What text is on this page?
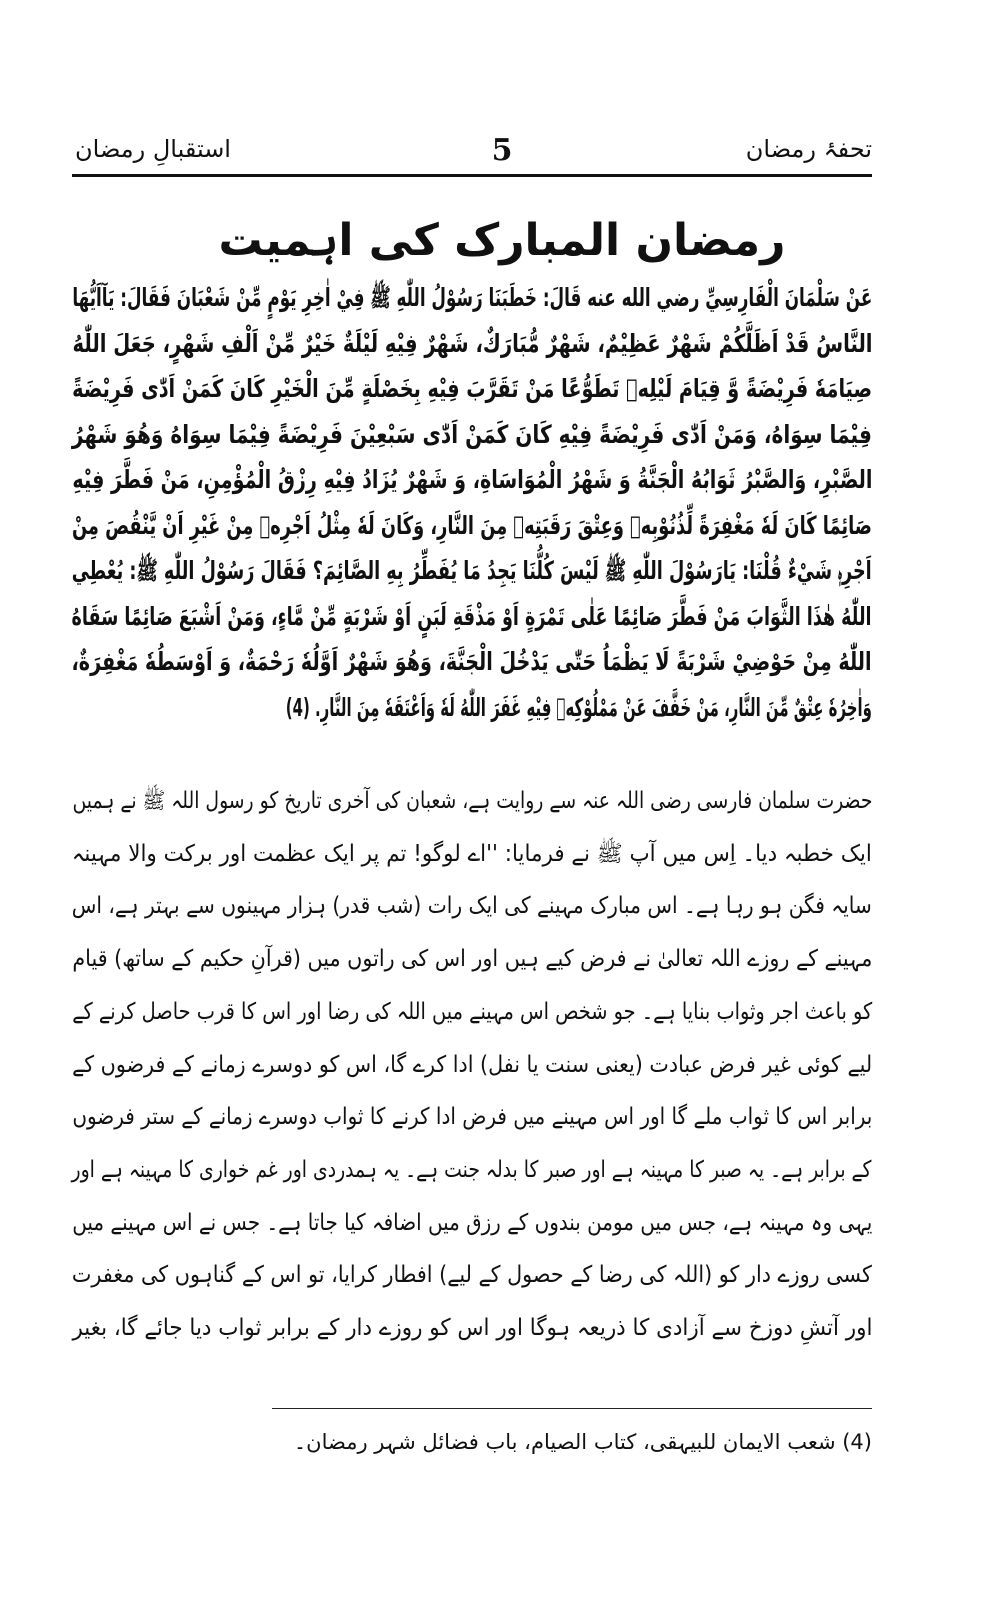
تحفۂ رمضان
5
استقبالِ رمضان
رمضان المبارک کی اہمیت
عَنْ سَلْمَانَ الْفَارِسِيِّ رضي الله عنه قَالَ: خَطَبَنَا رَسُوْلُ اللّٰهِ ﷺ فِيْ اٰخِرِ يَوْمٍ مِّنْ شَعْبَانَ فَقَالَ: يَآاَيُّهَا
النَّاسُ قَدْ اَظَلَّكُمْ شَهْرٌ عَظِيْمٌ، شَهْرٌ مُّبَارَكٌ، شَهْرٌ فِيْهِ لَيْلَةٌ خَيْرٌ مِّنْ اَلْفِ شَهْرٍ، جَعَلَ اللّٰهُ
صِيَامَهٗ فَرِيْضَةً وَّ قِيَامَ لَيْلِهٖ تَطَوُّعًا مَنْ تَقَرَّبَ فِيْهِ بِخَصْلَةٍ مِّنَ الْخَيْرِ كَانَ كَمَنْ اَدّٰى فَرِيْضَةً
فِيْمَا سِوَاهُ، وَمَنْ اَدّٰى فَرِيْضَةً فِيْهِ كَانَ كَمَنْ اَدّٰى سَبْعِيْنَ فَرِيْضَةً فِيْمَا سِوَاهُ وَهُوَ شَهْرُ
الصَّبْرِ، وَالصَّبْرُ ثَوَابُهُ الْجَنَّةُ وَ شَهْرُ الْمُوَاسَاةِ، وَ شَهْرٌ يُزَادُ فِيْهِ رِزْقُ الْمُؤْمِنِ، مَنْ فَطَّرَ فِيْهِ
صَائِمًا كَانَ لَهٗ مَغْفِرَةً لِّذُنُوْبِهٖ وَعِتْقَ رَقَبَتِهٖ مِنَ النَّارِ، وَكَانَ لَهٗ مِثْلُ اَجْرِهٖ مِنْ غَيْرِ اَنْ يَّنْقُصَ مِنْ
اَجْرِهٖ شَيْءٌ قُلْنَا: يَارَسُوْلَ اللّٰهِ ﷺ لَيْسَ كُلُّنَا يَجِدُ مَا يُفَطِّرُ بِهِ الصَّائِمَ؟ فَقَالَ رَسُوْلُ اللّٰهِ ﷺ: يُعْطِي
اللّٰهُ هٰذَا الثَّوَابَ مَنْ فَطَّرَ صَائِمًا عَلٰى تَمْرَةٍ اَوْ مَذْقَةِ لَبَنٍ اَوْ شَرْبَةٍ مِّنْ مَّاءٍ، وَمَنْ اَشْبَعَ صَائِمًا سَقَاهُ
اللّٰهُ مِنْ حَوْضِيْ شَرْبَةً لَا يَظْمَاُ حَتّٰى يَدْخُلَ الْجَنَّةَ، وَهُوَ شَهْرٌ اَوَّلُهٗ رَحْمَةٌ، وَ اَوْسَطُهٗ مَغْفِرَةٌ،
وَاٰخِرُهٗ عِتْقٌ مِّنَ النَّارِ، مَنْ خَفَّفَ عَنْ مَمْلُوْكِهٖ فِيْهِ غَفَرَ اللّٰهُ لَهٗ وَاَعْتَقَهٗ مِنَ النَّارِ. (4)
حضرت سلمان فارسی رضی اللہ عنہ سے روایت ہے، شعبان کی آخری تاریخ کو رسول اللہ ﷺ نے ہمیں
ایک خطبہ دیا۔ اِس میں آپ ﷺ نے فرمایا: ''اے لوگو! تم پر ایک عظمت اور برکت والا مہینہ
سایہ فگن ہو رہا ہے۔ اس مبارک مہینے کی ایک رات (شب قدر) ہزار مہینوں سے بہتر ہے، اس
مہینے کے روزے اللہ تعالیٰ نے فرض کیے ہیں اور اس کی راتوں میں (قرآنِ حکیم کے ساتھ) قیام
کو باعث اجر وثواب بنایا ہے۔ جو شخص اس مہینے میں اللہ کی رضا اور اس کا قرب حاصل کرنے کے
لیے کوئی غیر فرض عبادت (یعنی سنت یا نفل) ادا کرے گا، اس کو دوسرے زمانے کے فرضوں کے
برابر اس کا ثواب ملے گا اور اس مہینے میں فرض ادا کرنے کا ثواب دوسرے زمانے کے ستر فرضوں
کے برابر ہے۔ یہ صبر کا مہینہ ہے اور صبر کا بدلہ جنت ہے۔ یہ ہمدردی اور غم خواری کا مہینہ ہے اور
یہی وہ مہینہ ہے، جس میں مومن بندوں کے رزق میں اضافہ کیا جاتا ہے۔ جس نے اس مہینے میں
کسی روزے دار کو (اللہ کی رضا کے حصول کے لیے) افطار کرایا، تو اس کے گناہوں کی مغفرت
اور آتشِ دوزخ سے آزادی کا ذریعہ ہوگا اور اس کو روزے دار کے برابر ثواب دیا جائے گا، بغیر
(4) شعب الایمان للبیہقی، کتاب الصیام، باب فضائل شہر رمضان۔
